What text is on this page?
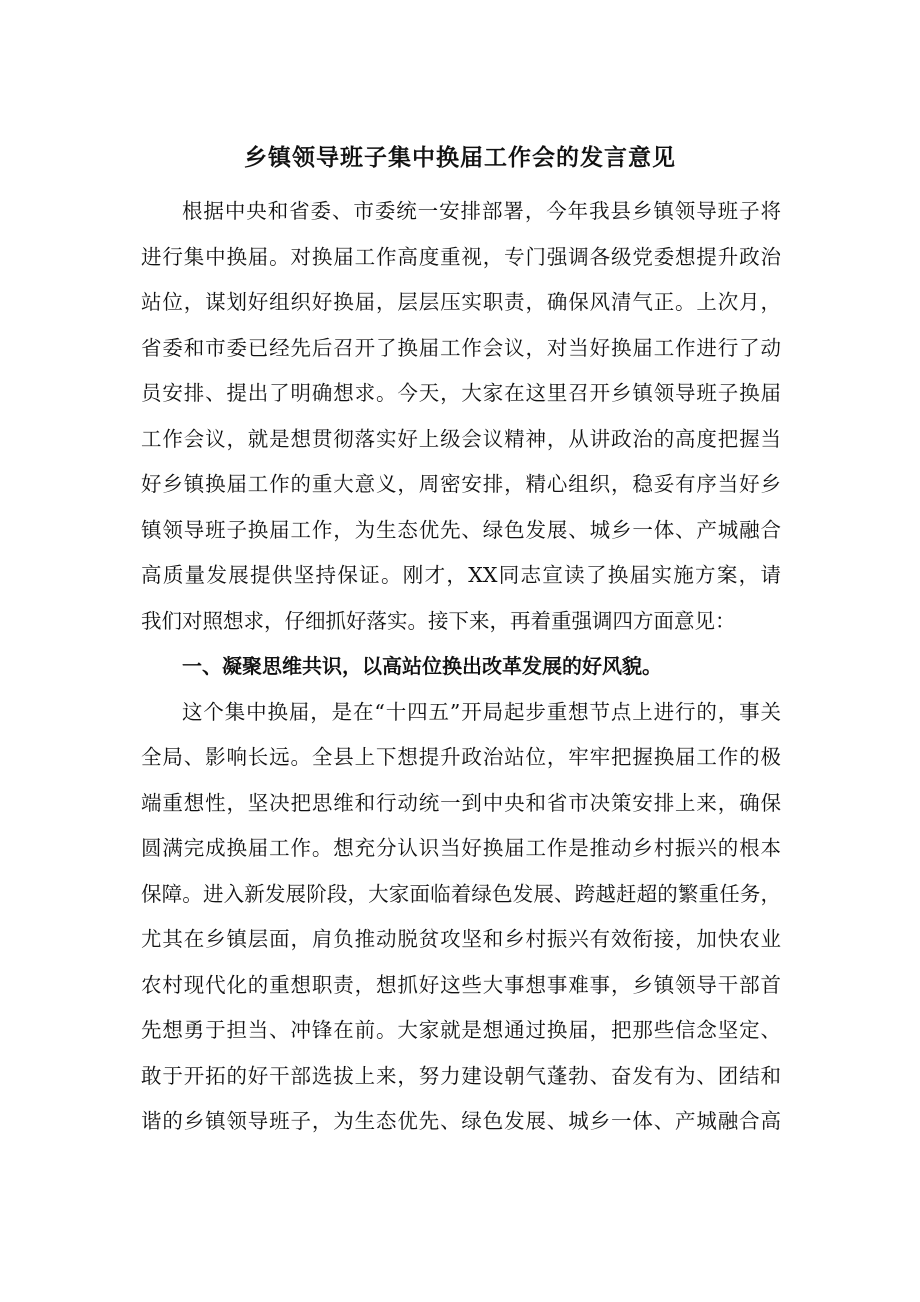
乡镇领导班子集中换届工作会的发言意见

根据中央和省委、市委统一安排部署，今年我县乡镇领导班子将

进行集中换届。对换届工作高度重视，专门强调各级党委想提升政治

站位，谋划好组织好换届，层层压实职责，确保风清气正。上次月，

省委和市委已经先后召开了换届工作会议，对当好换届工作进行了动

员安排、提出了明确想求。今天，大家在这里召开乡镇领导班子换届

工作会议，就是想贯彻落实好上级会议精神，从讲政治的高度把握当

好乡镇换届工作的重大意义，周密安排，精心组织，稳妥有序当好乡

镇领导班子换届工作，为生态优先、绿色发展、城乡一体、产城融合

高质量发展提供坚持保证。刚才，XX同志宣读了换届实施方案，请

我们对照想求，仔细抓好落实。接下来，再着重强调四方面意见：

一、凝聚思维共识，以高站位换出改革发展的好风貌。

这个集中换届，是在“十四五”开局起步重想节点上进行的，事关

全局、影响长远。全县上下想提升政治站位，牢牢把握换届工作的极

端重想性，坚决把思维和行动统一到中央和省市决策安排上来，确保

圆满完成换届工作。想充分认识当好换届工作是推动乡村振兴的根本

保障。进入新发展阶段，大家面临着绿色发展、跨越赶超的繁重任务，

尤其在乡镇层面，肩负推动脱贫攻坚和乡村振兴有效衔接，加快农业

农村现代化的重想职责，想抓好这些大事想事难事，乡镇领导干部首

先想勇于担当、冲锋在前。大家就是想通过换届，把那些信念坚定、

敢于开拓的好干部选拔上来，努力建设朝气蓬勃、奋发有为、团结和

谐的乡镇领导班子，为生态优先、绿色发展、城乡一体、产城融合高
